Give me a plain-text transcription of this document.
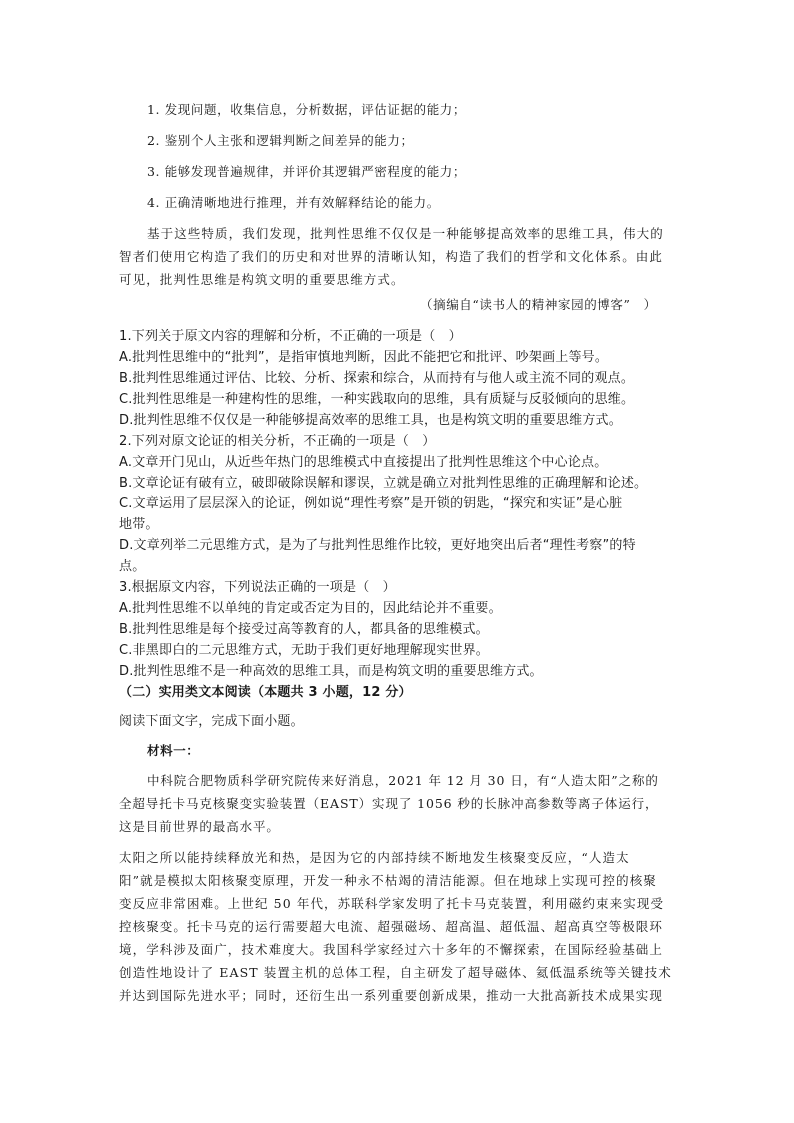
1. 发现问题，收集信息，分析数据，评估证据的能力；

2. 鉴别个人主张和逻辑判断之间差异的能力；

3. 能够发现普遍规律，并评价其逻辑严密程度的能力；

4. 正确清晰地进行推理，并有效解释结论的能力。

基于这些特质，我们发现，批判性思维不仅仅是一种能够提高效率的思维工具，伟大的

智者们使用它构造了我们的历史和对世界的清晰认知，构造了我们的哲学和文化体系。由此

可见，批判性思维是构筑文明的重要思维方式。

（摘编自“读书人的精神家园的博客”　）

1.下列关于原文内容的理解和分析，不正确的一项是（　）

A.批判性思维中的“批判”，是指审慎地判断，因此不能把它和批评、吵架画上等号。

B.批判性思维通过评估、比较、分析、探索和综合，从而持有与他人或主流不同的观点。

C.批判性思维是一种建构性的思维，一种实践取向的思维，具有质疑与反驳倾向的思维。

D.批判性思维不仅仅是一种能够提高效率的思维工具，也是构筑文明的重要思维方式。

2.下列对原文论证的相关分析，不正确的一项是（　）

A.文章开门见山，从近些年热门的思维模式中直接提出了批判性思维这个中心论点。

B.文章论证有破有立，破即破除误解和谬误，立就是确立对批判性思维的正确理解和论述。

C.文章运用了层层深入的论证，例如说“理性考察”是开锁的钥匙，“探究和实证”是心脏

地带。

D.文章列举二元思维方式，是为了与批判性思维作比较，更好地突出后者“理性考察”的特

点。

3.根据原文内容，下列说法正确的一项是（　）

A.批判性思维不以单纯的肯定或否定为目的，因此结论并不重要。

B.批判性思维是每个接受过高等教育的人，都具备的思维模式。

C.非黑即白的二元思维方式，无助于我们更好地理解现实世界。

D.批判性思维不是一种高效的思维工具，而是构筑文明的重要思维方式。

（二）实用类文本阅读（本题共 3 小题，12 分）

阅读下面文字，完成下面小题。

材料一：

中科院合肥物质科学研究院传来好消息，2021 年 12 月 30 日，有“人造太阳”之称的

全超导托卡马克核聚变实验装置（EAST）实现了 1056 秒的长脉冲高参数等离子体运行，

这是目前世界的最高水平。

太阳之所以能持续释放光和热，是因为它的内部持续不断地发生核聚变反应，“人造太

阳”就是模拟太阳核聚变原理，开发一种永不枯竭的清洁能源。但在地球上实现可控的核聚

变反应非常困难。上世纪 50 年代，苏联科学家发明了托卡马克装置，利用磁约束来实现受

控核聚变。托卡马克的运行需要超大电流、超强磁场、超高温、超低温、超高真空等极限环

境，学科涉及面广，技术难度大。我国科学家经过六十多年的不懈探索，在国际经验基础上

创造性地设计了 EAST 装置主机的总体工程，自主研发了超导磁体、氦低温系统等关键技术

并达到国际先进水平；同时，还衍生出一系列重要创新成果，推动一大批高新技术成果实现
